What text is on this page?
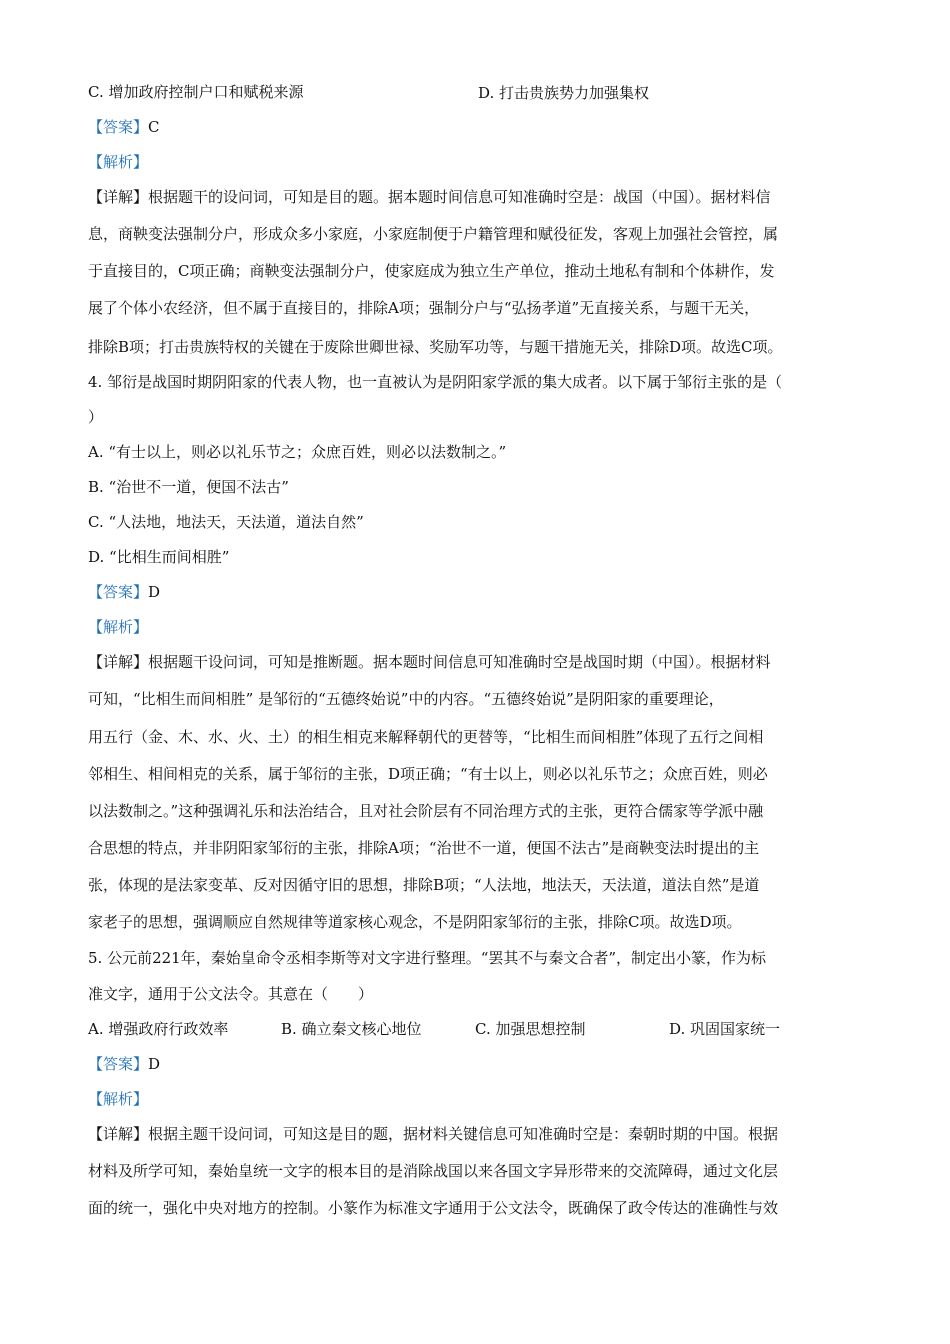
C. 增加政府控制户口和赋税来源	D. 打击贵族势力加强集权
【答案】C
【解析】
【详解】根据题干的设问词，可知是目的题。据本题时间信息可知准确时空是：战国（中国）。据材料信
息，商鞅变法强制分户，形成众多小家庭，小家庭制便于户籍管理和赋役征发，客观上加强社会管控，属
于直接目的，C项正确；商鞅变法强制分户，使家庭成为独立生产单位，推动土地私有制和个体耕作，发
展了个体小农经济，但不属于直接目的，排除A项；强制分户与“弘扬孝道”无直接关系，与题干无关，
排除B项；打击贵族特权的关键在于废除世卿世禄、奖励军功等，与题干措施无关，排除D项。故选C项。
4. 邹衍是战国时期阴阳家的代表人物，也一直被认为是阴阳家学派的集大成者。以下属于邹衍主张的是（
）
A. “有士以上，则必以礼乐节之；众庶百姓，则必以法数制之。”
B. “治世不一道，便国不法古”
C. “人法地，地法天，天法道，道法自然”
D. “比相生而间相胜”
【答案】D
【解析】
【详解】根据题干设问词，可知是推断题。据本题时间信息可知准确时空是战国时期（中国）。根据材料
可知，“比相生而间相胜” 是邹衍的“五德终始说”中的内容。“五德终始说”是阴阳家的重要理论，
用五行（金、木、水、火、土）的相生相克来解释朝代的更替等，“比相生而间相胜”体现了五行之间相
邻相生、相间相克的关系，属于邹衍的主张，D项正确；“有士以上，则必以礼乐节之；众庶百姓，则必
以法数制之。”这种强调礼乐和法治结合，且对社会阶层有不同治理方式的主张，更符合儒家等学派中融
合思想的特点，并非阴阳家邹衍的主张，排除A项；“治世不一道，便国不法古”是商鞅变法时提出的主
张，体现的是法家变革、反对因循守旧的思想，排除B项；“人法地，地法天，天法道，道法自然”是道
家老子的思想，强调顺应自然规律等道家核心观念，不是阴阳家邹衍的主张，排除C项。故选D项。
5. 公元前221年，秦始皇命令丞相李斯等对文字进行整理。“罢其不与秦文合者”，制定出小篆，作为标
准文字，通用于公文法令。其意在（　　）
A. 增强政府行政效率	B. 确立秦文核心地位	C. 加强思想控制	D. 巩固国家统一
【答案】D
【解析】
【详解】根据主题干设问词，可知这是目的题，据材料关键信息可知准确时空是：秦朝时期的中国。根据
材料及所学可知，秦始皇统一文字的根本目的是消除战国以来各国文字异形带来的交流障碍，通过文化层
面的统一，强化中央对地方的控制。小篆作为标准文字通用于公文法令，既确保了政令传达的准确性与效
